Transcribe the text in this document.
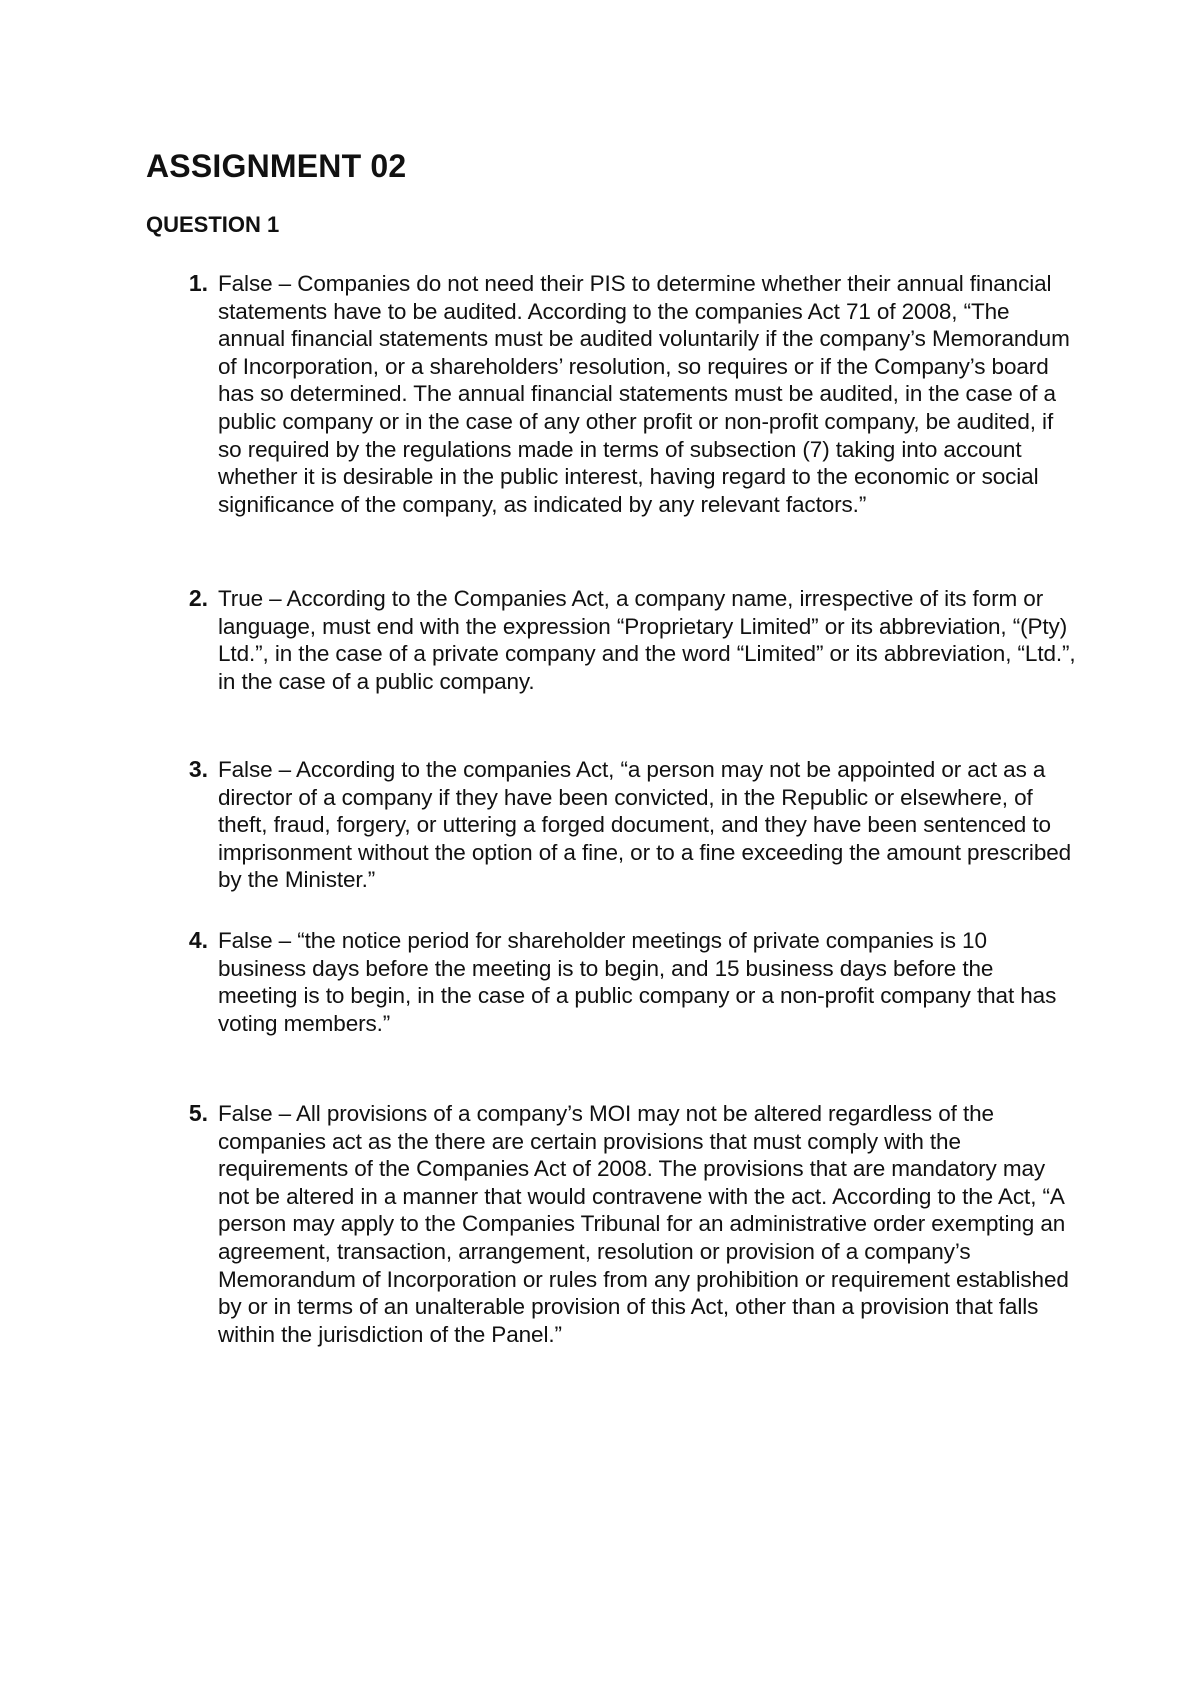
ASSIGNMENT 02
QUESTION 1
1. False – Companies do not need their PIS to determine whether their annual financial statements have to be audited. According to the companies Act 71 of 2008, “The annual financial statements must be audited voluntarily if the company’s Memorandum of Incorporation, or a shareholders’ resolution, so requires or if the Company’s board has so determined. The annual financial statements must be audited, in the case of a public company or in the case of any other profit or non-profit company, be audited, if so required by the regulations made in terms of subsection (7) taking into account whether it is desirable in the public interest, having regard to the economic or social significance of the company, as indicated by any relevant factors.”
2. True – According to the Companies Act, a company name, irrespective of its form or language, must end with the expression “Proprietary Limited” or its abbreviation, “(Pty) Ltd.”, in the case of a private company and the word “Limited” or its abbreviation, “Ltd.”, in the case of a public company.
3. False – According to the companies Act, “a person may not be appointed or act as a director of a company if they have been convicted, in the Republic or elsewhere, of theft, fraud, forgery, or uttering a forged document, and they have been sentenced to imprisonment without the option of a fine, or to a fine exceeding the amount prescribed by the Minister.”
4. False – “the notice period for shareholder meetings of private companies is 10 business days before the meeting is to begin, and 15 business days before the meeting is to begin, in the case of a public company or a non-profit company that has voting members.”
5. False – All provisions of a company’s MOI may not be altered regardless of the companies act as the there are certain provisions that must comply with the requirements of the Companies Act of 2008. The provisions that are mandatory may not be altered in a manner that would contravene with the act. According to the Act, “A person may apply to the Companies Tribunal for an administrative order exempting an agreement, transaction, arrangement, resolution or provision of a company’s Memorandum of Incorporation or rules from any prohibition or requirement established by or in terms of an unalterable provision of this Act, other than a provision that falls within the jurisdiction of the Panel.”
